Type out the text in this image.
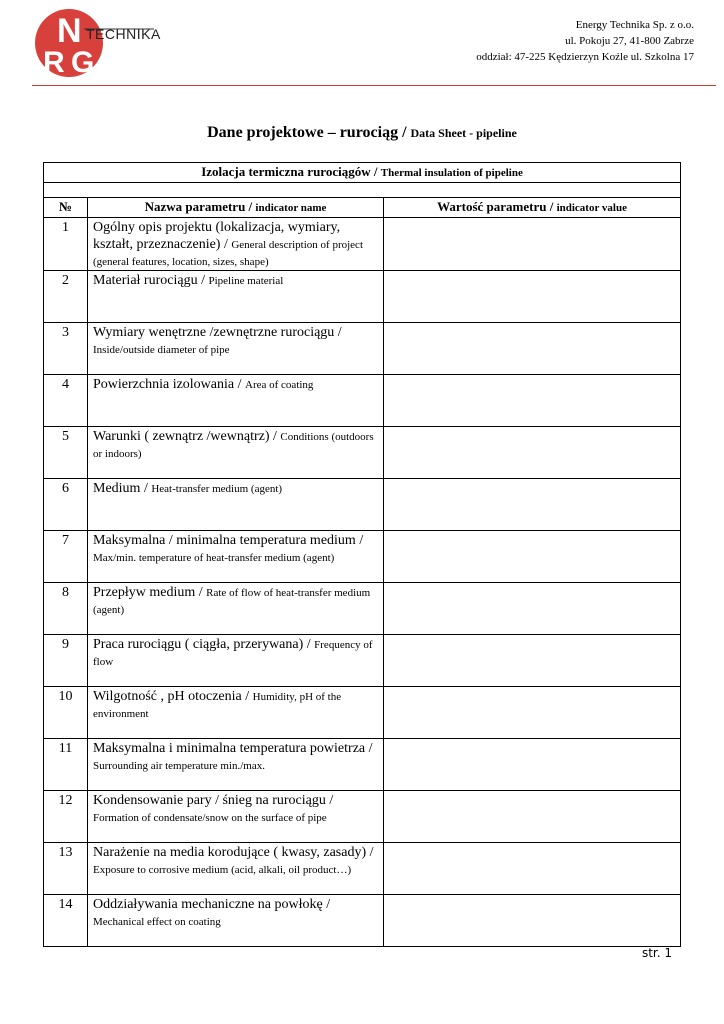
N
R G
TECHNIKA
Energy Technika Sp. z o.o.
ul. Pokoju 27, 41-800 Zabrze
oddział: 47-225 Kędzierzyn Koźle ul. Szkolna 17
Dane projektowe – rurociąg / Data Sheet - pipeline
Izolacja termiczna rurociągów / Thermal insulation of pipeline		

№	Nazwa parametru / indicator name	Wartość parametru / indicator value
1	Ogólny opis projektu (lokalizacja, wymiary, kształt, przeznaczenie) / General description of project (general features, location, sizes, shape)	
2	Materiał rurociągu / Pipeline material	
3	Wymiary wenętrzne /zewnętrzne rurociągu / Inside/outside diameter of pipe	
4	Powierzchnia izolowania / Area of coating	
5	Warunki ( zewnątrz /wewnątrz) / Conditions (outdoors or indoors)	
6	Medium / Heat-transfer medium (agent)	
7	Maksymalna / minimalna temperatura medium / Max/min. temperature of heat-transfer medium (agent)	
8	Przepływ medium / Rate of flow of heat-transfer medium (agent)	
9	Praca rurociągu ( ciągła, przerywana) / Frequency of flow	
10	Wilgotność , pH otoczenia / Humidity, pH of the environment	
11	Maksymalna i minimalna temperatura powietrza / Surrounding air temperature min./max.	
12	Kondensowanie pary / śnieg na rurociągu / Formation of condensate/snow on the surface of pipe	
13	Narażenie na media korodujące ( kwasy, zasady) / Exposure to corrosive medium (acid, alkali, oil product…)	
14	Oddziaływania mechaniczne na powłokę / Mechanical effect on coating	
str. 1
